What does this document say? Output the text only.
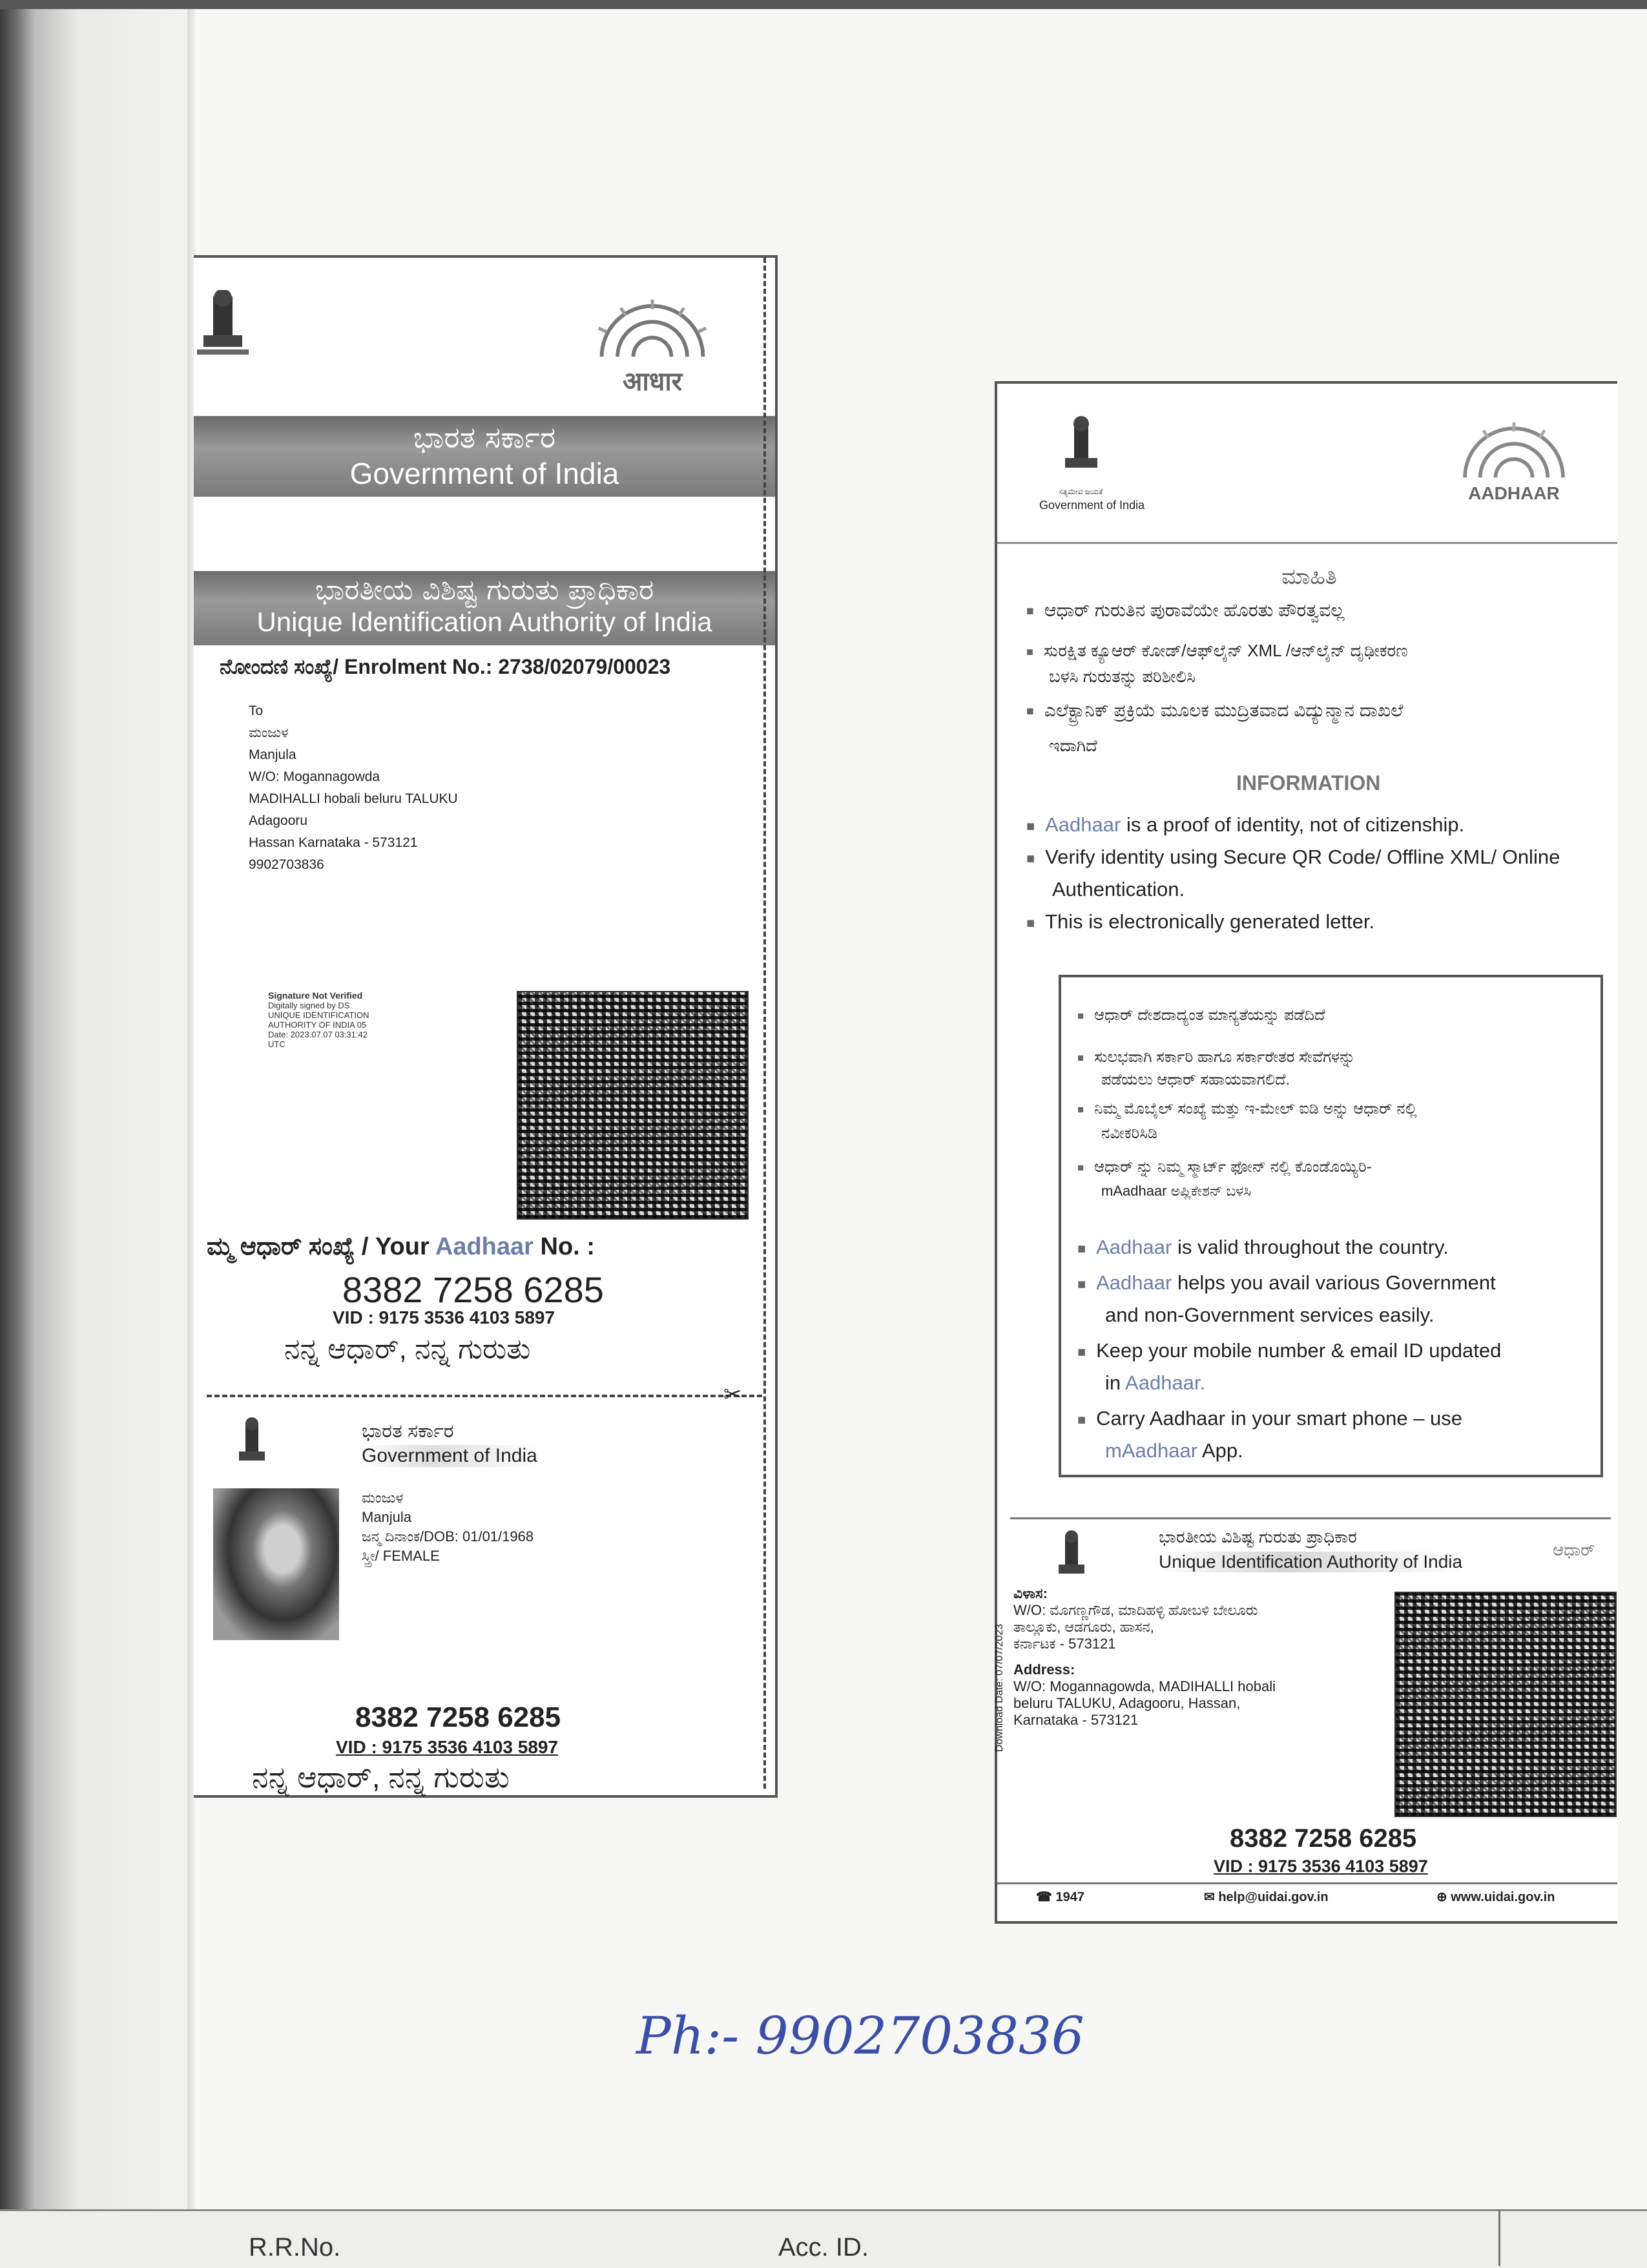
आधार
ಭಾರತ ಸರ್ಕಾರ
Government of India
ಭಾರತೀಯ ವಿಶಿಷ್ಟ ಗುರುತು ಪ್ರಾಧಿಕಾರ
Unique Identification Authority of India
ನೋಂದಣಿ ಸಂಖ್ಯೆ/ Enrolment No.: 2738/02079/00023
To
ಮಂಜುಳ
Manjula
W/O: Mogannagowda
MADIHALLI hobali beluru TALUKU
Adagooru
Hassan Karnataka - 573121
9902703836
Signature Not Verified
Digitally signed by DS
UNIQUE IDENTIFICATION
AUTHORITY OF INDIA 05
Date: 2023.07.07 03:31:42
UTC
ಮ್ಮ ಆಧಾರ್ ಸಂಖ್ಯೆ / Your Aadhaar No. :
8382 7258 6285
VID : 9175 3536 4103 5897
ನನ್ನ ಆಧಾರ್, ನನ್ನ ಗುರುತು
✂
ಭಾರತ ಸರ್ಕಾರ
Government of India
ಮಂಜುಳ
Manjula
ಜನ್ಮ ದಿನಾಂಕ/DOB: 01/01/1968
ಸ್ತ್ರೀ/ FEMALE
8382 7258 6285
VID : 9175 3536 4103 5897
ನನ್ನ ಆಧಾರ್, ನನ್ನ ಗುರುತು
ಸತ್ಯಮೇವ ಜಯತೆ
Government of India
AADHAAR
ಮಾಹಿತಿ
■ ಆಧಾರ್ ಗುರುತಿನ ಪುರಾವೆಯೇ ಹೊರತು ಪೌರತ್ವವಲ್ಲ
■ ಸುರಕ್ಷಿತ ಕ್ಯೂಆರ್ ಕೋಡ್/ಆಫ್‌ಲೈನ್ XML /ಆನ್‌ಲೈನ್ ದೃಢೀಕರಣ
ಬಳಸಿ ಗುರುತನ್ನು ಪರಿಶೀಲಿಸಿ
■ ಎಲೆಕ್ಟ್ರಾನಿಕ್ ಪ್ರಕ್ರಿಯೆ ಮೂಲಕ ಮುದ್ರಿತವಾದ ವಿದ್ಯುನ್ಮಾನ ದಾಖಲೆ
ಇದಾಗಿದೆ
INFORMATION
■ Aadhaar is a proof of identity, not of citizenship.
■ Verify identity using Secure QR Code/ Offline XML/ Online
Authentication.
■ This is electronically generated letter.
■ ಆಧಾರ್ ದೇಶದಾದ್ಯಂತ ಮಾನ್ಯತೆಯನ್ನು ಪಡೆದಿದೆ
■ ಸುಲಭವಾಗಿ ಸರ್ಕಾರಿ ಹಾಗೂ ಸರ್ಕಾರೇತರ ಸೇವೆಗಳನ್ನು
ಪಡೆಯಲು ಆಧಾರ್ ಸಹಾಯವಾಗಲಿದೆ.
■ ನಿಮ್ಮ ಮೊಬೈಲ್ ಸಂಖ್ಯೆ ಮತ್ತು ಇ-ಮೇಲ್ ಐಡಿ ಅನ್ನು ಆಧಾರ್ ನಲ್ಲಿ
ನವೀಕರಿಸಿಡಿ
■ ಆಧಾರ್ ನ್ನು ನಿಮ್ಮ ಸ್ಮಾರ್ಟ್ ಫೋನ್ ನಲ್ಲಿ ಕೊಂಡೊಯ್ಯಿರಿ-
mAadhaar ಅಪ್ಲಿಕೇಶನ್ ಬಳಸಿ
■ Aadhaar is valid throughout the country.
■ Aadhaar helps you avail various Government
and non-Government services easily.
■ Keep your mobile number & email ID updated
in Aadhaar.
■ Carry Aadhaar in your smart phone – use
mAadhaar App.
ಭಾರತೀಯ ವಿಶಿಷ್ಟ ಗುರುತು ಪ್ರಾಧಿಕಾರ
Unique Identification Authority of India
ಆಧಾರ್
ವಿಳಾಸ:
W/O: ಮೊಗಣ್ಣಗೌಡ, ಮಾದಿಹಳ್ಳಿ ಹೋಬಳಿ ಬೇಲೂರು
ತಾಲ್ಲೂಕು, ಆಡಗೂರು, ಹಾಸನ,
ಕರ್ನಾಟಕ - 573121
Address:
W/O: Mogannagowda, MADIHALLI hobali
beluru TALUKU, Adagooru, Hassan,
Karnataka - 573121
Download Date: 07/07/2023
8382 7258 6285
VID : 9175 3536 4103 5897
☎ 1947	✉ help@uidai.gov.in	⊕ www.uidai.gov.in
Ph:- 9902703836
R.R.No.	Acc. ID.
